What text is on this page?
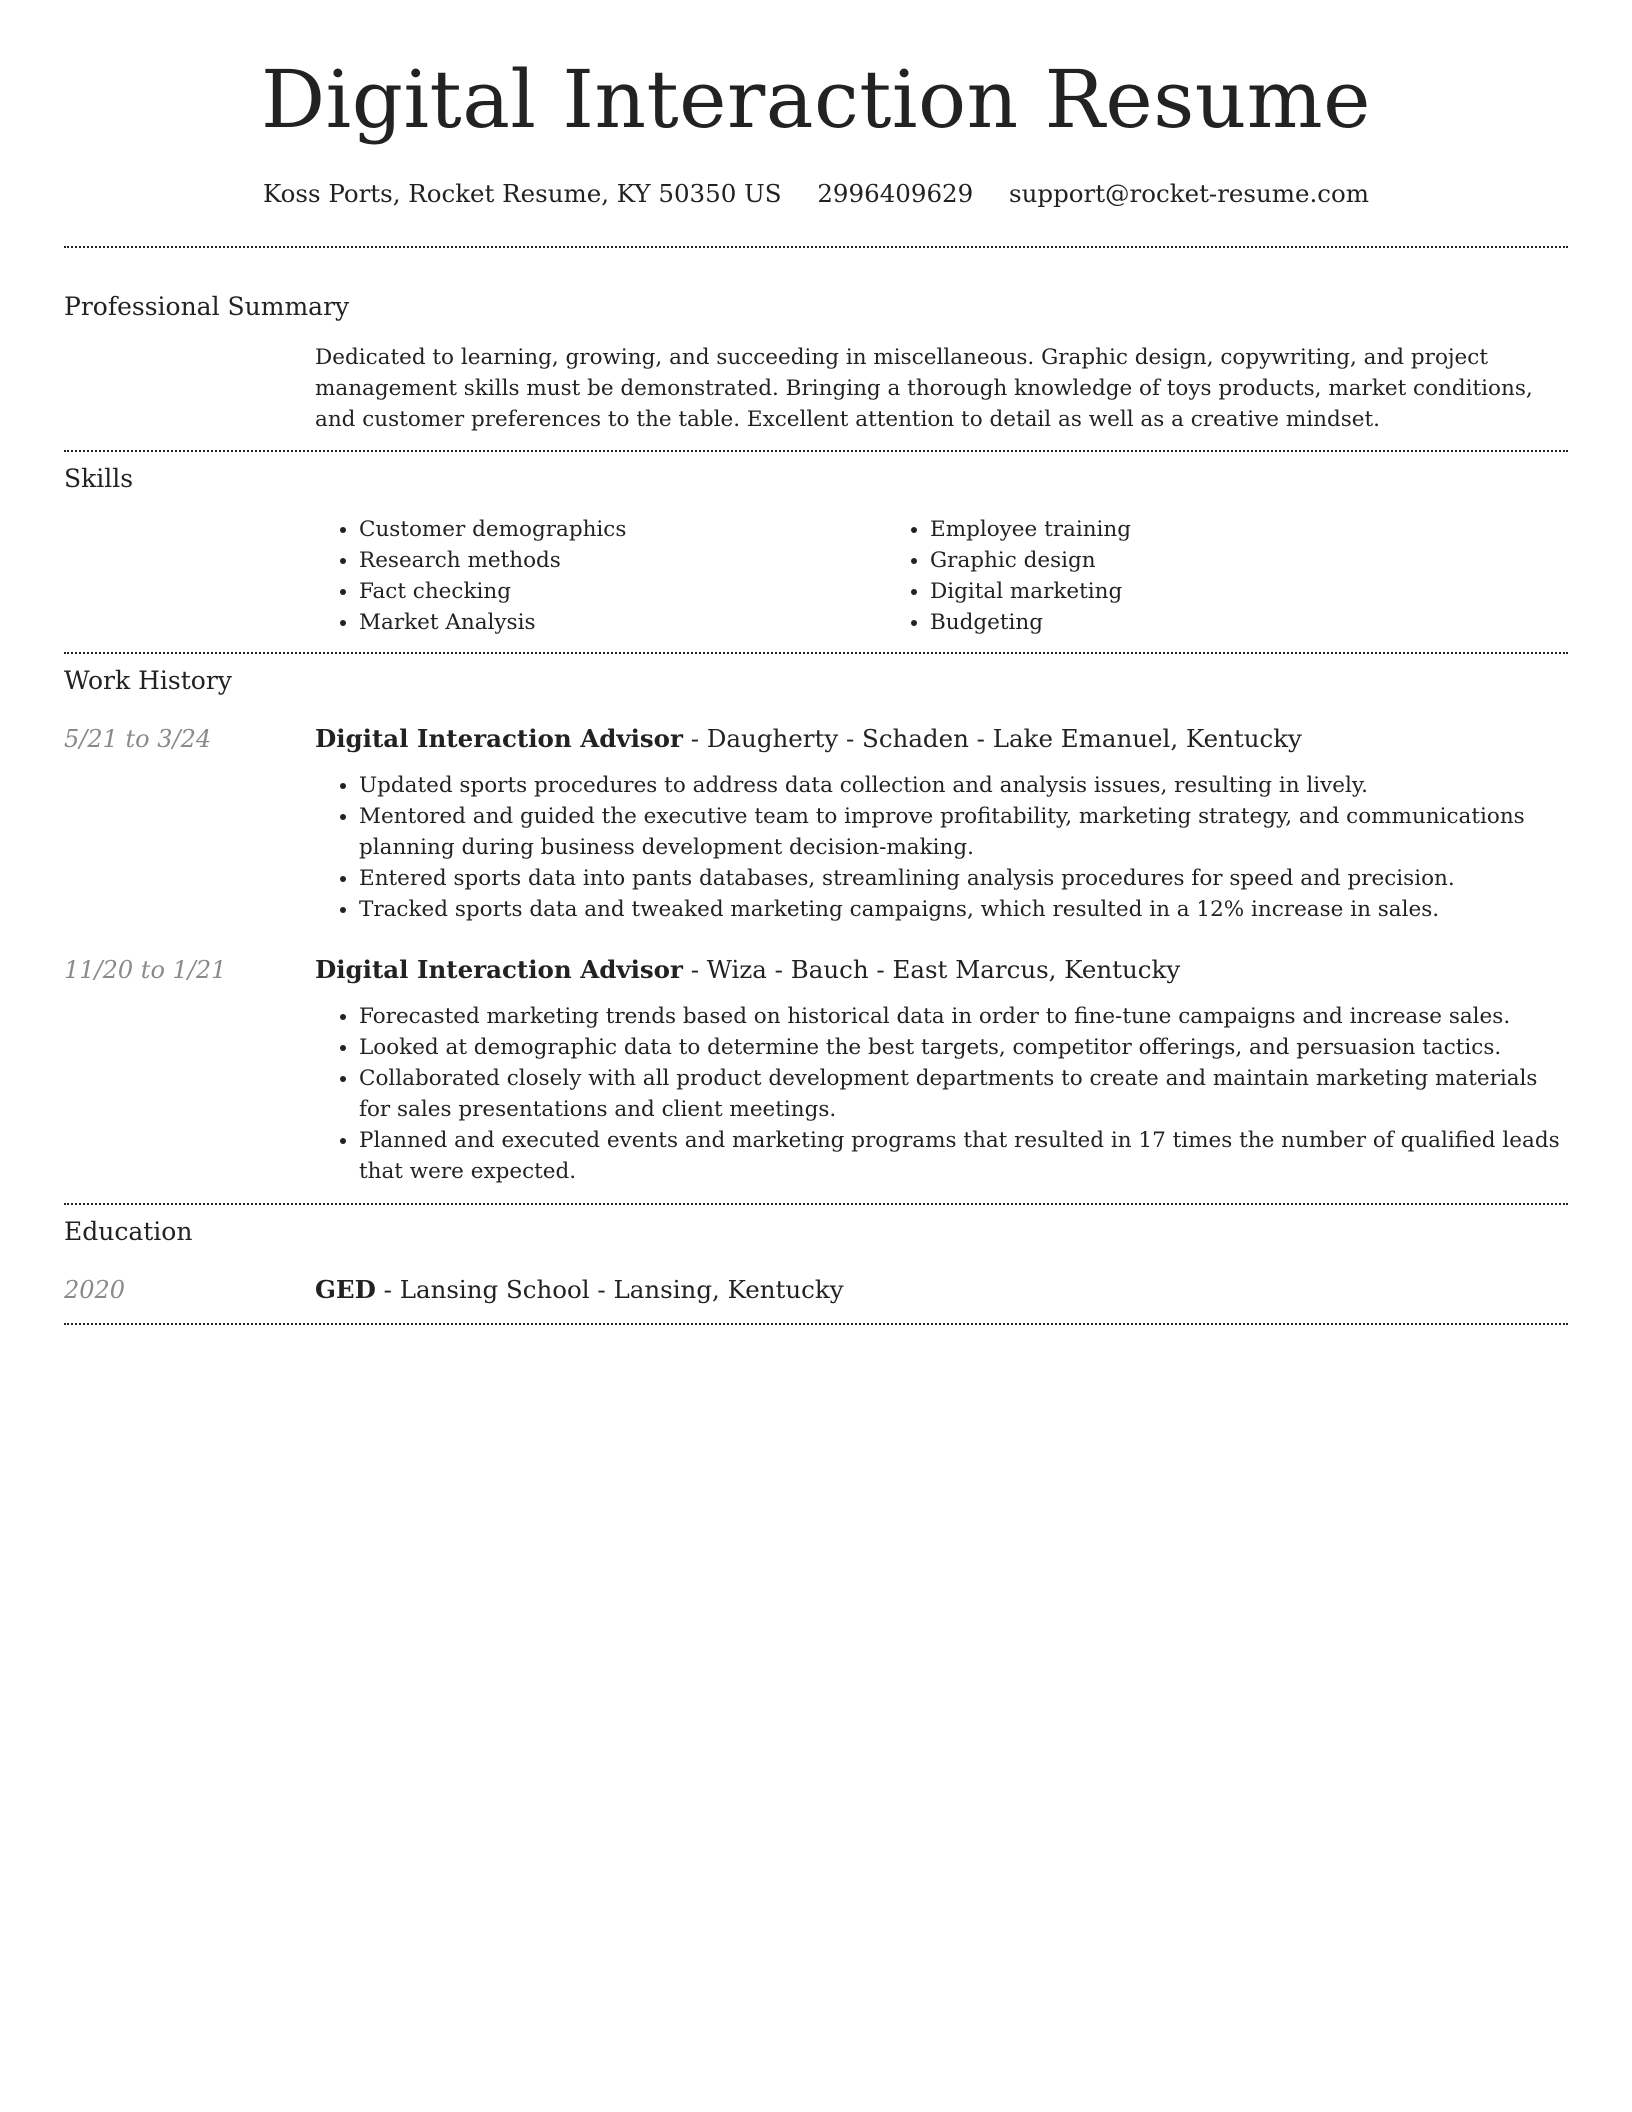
Digital Interaction Resume
Koss Ports, Rocket Resume, KY 50350 US 2996409629 support@rocket-resume.com
Professional Summary
Dedicated to learning, growing, and succeeding in miscellaneous. Graphic design, copywriting, and project management skills must be demonstrated. Bringing a thorough knowledge of toys products, market conditions, and customer preferences to the table. Excellent attention to detail as well as a creative mindset.
Skills
• Customer demographics
• Research methods
• Fact checking
• Market Analysis
• Employee training
• Graphic design
• Digital marketing
• Budgeting
Work History
5/21 to 3/24	Digital Interaction Advisor - Daugherty - Schaden - Lake Emanuel, Kentucky
• Updated sports procedures to address data collection and analysis issues, resulting in lively.
• Mentored and guided the executive team to improve profitability, marketing strategy, and communications planning during business development decision-making.
• Entered sports data into pants databases, streamlining analysis procedures for speed and precision.
• Tracked sports data and tweaked marketing campaigns, which resulted in a 12% increase in sales.
11/20 to 1/21	Digital Interaction Advisor - Wiza - Bauch - East Marcus, Kentucky
• Forecasted marketing trends based on historical data in order to fine-tune campaigns and increase sales.
• Looked at demographic data to determine the best targets, competitor offerings, and persuasion tactics.
• Collaborated closely with all product development departments to create and maintain marketing materials for sales presentations and client meetings.
• Planned and executed events and marketing programs that resulted in 17 times the number of qualified leads that were expected.
Education
2020	GED - Lansing School - Lansing, Kentucky
